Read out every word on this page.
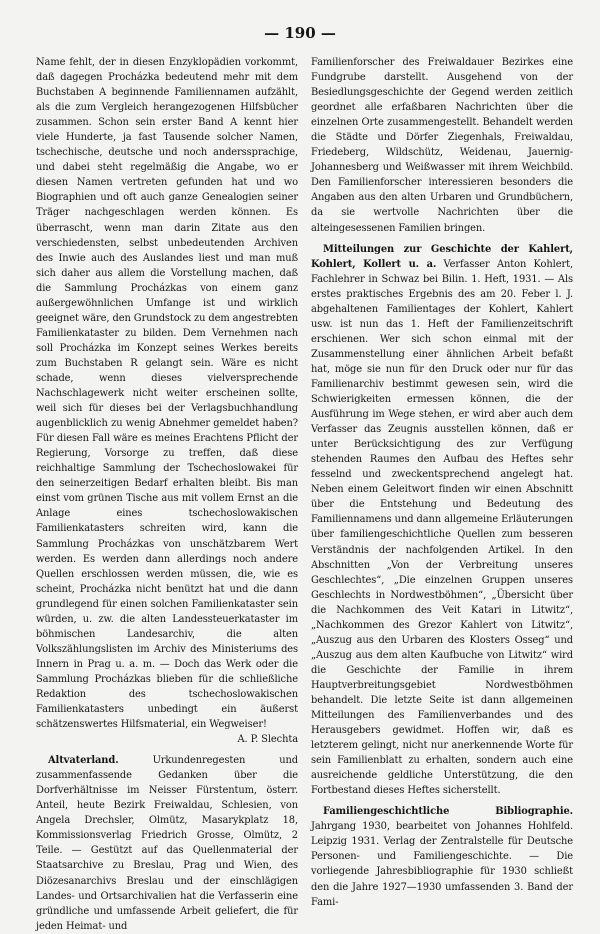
— 190 —

Name fehlt, der in diesen Enzyklopädien vorkommt, daß dagegen Procházka bedeutend mehr mit dem Buchstaben A beginnende Familiennamen aufzählt, als die zum Vergleich herangezogenen Hilfsbücher zusammen. Schon sein erster Band A kennt hier viele Hunderte, ja fast Tausende solcher Namen, tschechische, deutsche und noch anderssprachige, und dabei steht regelmäßig die Angabe, wo er diesen Namen vertreten gefunden hat und wo Biographien und oft auch ganze Genealogien seiner Träger nachgeschlagen werden können. Es überrascht, wenn man darin Zitate aus den verschiedensten, selbst unbedeutenden Archiven des Inwie auch des Auslandes liest und man muß sich daher aus allem die Vorstellung machen, daß die Sammlung Procházkas von einem ganz außergewöhnlichen Umfange ist und wirklich geeignet wäre, den Grundstock zu dem angestrebten Familienkataster zu bilden. Dem Vernehmen nach soll Procházka im Konzept seines Werkes bereits zum Buchstaben R gelangt sein. Wäre es nicht schade, wenn dieses vielversprechende Nachschlagewerk nicht weiter erscheinen sollte, weil sich für dieses bei der Verlagsbuchhandlung augenblicklich zu wenig Abnehmer gemeldet haben? Für diesen Fall wäre es meines Erachtens Pflicht der Regierung, Vorsorge zu treffen, daß diese reichhaltige Sammlung der Tschechoslowakei für den seinerzeitigen Bedarf erhalten bleibt. Bis man einst vom grünen Tische aus mit vollem Ernst an die Anlage eines tschechoslowakischen Familienkatasters schreiten wird, kann die Sammlung Procházkas von unschätzbarem Wert werden. Es werden dann allerdings noch andere Quellen erschlossen werden müssen, die, wie es scheint, Procházka nicht benützt hat und die dann grundlegend für einen solchen Familienkataster sein würden, u. zw. die alten Landessteuerkataster im böhmischen Landesarchiv, die alten Volkszählungslisten im Archiv des Ministeriums des Innern in Prag u. a. m. — Doch das Werk oder die Sammlung Procházkas blieben für die schließliche Redaktion des tschechoslowakischen Familienkatasters unbedingt ein äußerst schätzenswertes Hilfsmaterial, ein Wegweiser!

A. P. Slechta

Altvaterland. Urkundenregesten und zusammenfassende Gedanken über die Dorfverhältnisse im Neisser Fürstentum, österr. Anteil, heute Bezirk Freiwaldau, Schlesien, von Angela Drechsler, Olmütz, Masarykplatz 18, Kommissionsverlag Friedrich Grosse, Olmütz, 2 Teile. — Gestützt auf das Quellenmaterial der Staatsarchive zu Breslau, Prag und Wien, des Diözesanarchivs Breslau und der einschlägigen Landes- und Ortsarchivalien hat die Verfasserin eine gründliche und umfassende Arbeit geliefert, die für jeden Heimat- und

Familienforscher des Freiwaldauer Bezirkes eine Fundgrube darstellt. Ausgehend von der Besiedlungsgeschichte der Gegend werden zeitlich geordnet alle erfaßbaren Nachrichten über die einzelnen Orte zusammengestellt. Behandelt werden die Städte und Dörfer Ziegenhals, Freiwaldau, Friedeberg, Wildschütz, Weidenau, Jauernig-Johannesberg und Weißwasser mit ihrem Weichbild. Den Familienforscher interessieren besonders die Angaben aus den alten Urbaren und Grundbüchern, da sie wertvolle Nachrichten über die alteingesessenen Familien bringen.

Mitteilungen zur Geschichte der Kahlert, Kohlert, Kollert u. a. Verfasser Anton Kohlert, Fachlehrer in Schwaz bei Bilin. 1. Heft, 1931. — Als erstes praktisches Ergebnis des am 20. Feber l. J. abgehaltenen Familientages der Kohlert, Kahlert usw. ist nun das 1. Heft der Familienzeitschrift erschienen. Wer sich schon einmal mit der Zusammenstellung einer ähnlichen Arbeit befaßt hat, möge sie nun für den Druck oder nur für das Familienarchiv bestimmt gewesen sein, wird die Schwierigkeiten ermessen können, die der Ausführung im Wege stehen, er wird aber auch dem Verfasser das Zeugnis ausstellen können, daß er unter Berücksichtigung des zur Verfügung stehenden Raumes den Aufbau des Heftes sehr fesselnd und zweckentsprechend angelegt hat. Neben einem Geleitwort finden wir einen Abschnitt über die Entstehung und Bedeutung des Familiennamens und dann allgemeine Erläuterungen über familiengeschichtliche Quellen zum besseren Verständnis der nachfolgenden Artikel. In den Abschnitten „Von der Verbreitung unseres Geschlechtes“, „Die einzelnen Gruppen unseres Geschlechts in Nordwestböhmen“, „Übersicht über die Nachkommen des Veit Katari in Litwitz“, „Nachkommen des Grezor Kahlert von Litwitz“, „Auszug aus den Urbaren des Klosters Osseg“ und „Auszug aus dem alten Kaufbuche von Litwitz“ wird die Geschichte der Familie in ihrem Hauptverbreitungsgebiet Nordwestböhmen behandelt. Die letzte Seite ist dann allgemeinen Mitteilungen des Familienverbandes und des Herausgebers gewidmet. Hoffen wir, daß es letzterem gelingt, nicht nur anerkennende Worte für sein Familienblatt zu erhalten, sondern auch eine ausreichende geldliche Unterstützung, die den Fortbestand dieses Heftes sicherstellt.

Familiengeschichtliche Bibliographie. Jahrgang 1930, bearbeitet von Johannes Hohlfeld. Leipzig 1931. Verlag der Zentralstelle für Deutsche Personen- und Familiengeschichte. — Die vorliegende Jahresbibliographie für 1930 schließt den die Jahre 1927—1930 umfassenden 3. Band der Fami-
